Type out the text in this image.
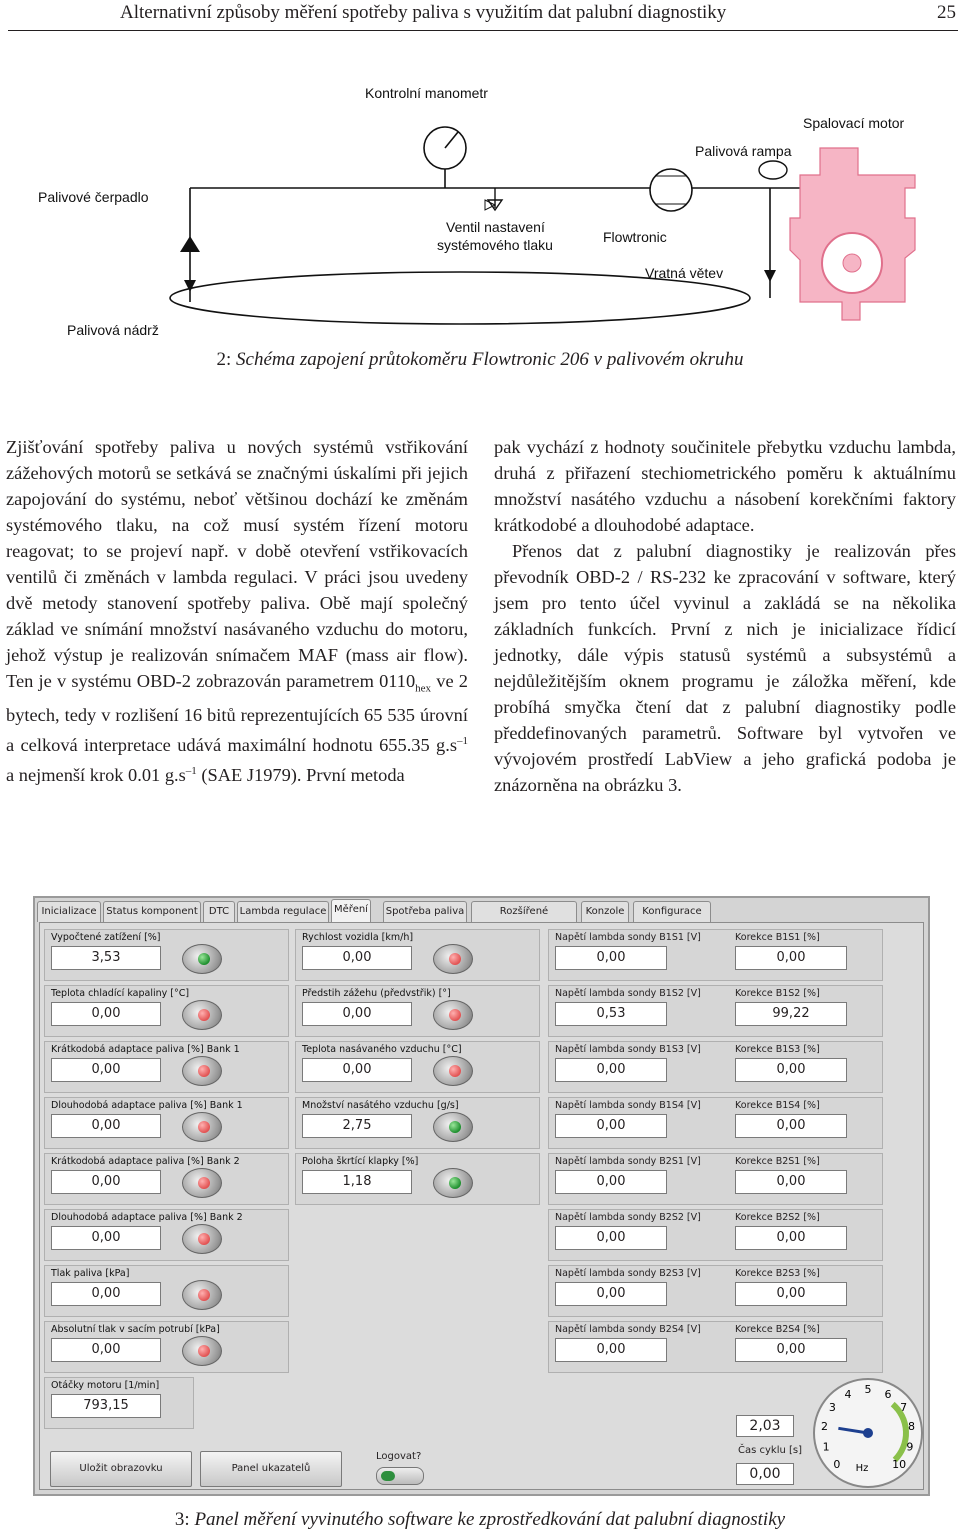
Alternativní způsoby měření spotřeby paliva s využitím dat palubní diagnostiky	25
Kontrolní manometr
Spalovací motor
Palivová rampa
Palivové čerpadlo
Ventil nastavení
systémového tlaku	Flowtronic
Vratná větev
Palivová nádrž
2: Schéma zapojení průtokoměru Flowtronic 206 v palivovém okruhu

Zjišťování spotřeby paliva u nových systémů vstřikování zážehových motorů se setkává se značnými úskalími při jejich zapojování do systému, neboť většinou dochází ke změnám systémového tlaku, na což musí systém řízení motoru reagovat; to se projeví např. v době otevření vstřikovacích ventilů či změnách v lambda regulaci. V práci jsou uvedeny dvě metody stanovení spotřeby paliva. Obě mají společný základ ve snímání množství nasávaného vzduchu do motoru, jehož výstup je realizován snímačem MAF (mass air flow). Ten je v systému OBD-2 zobrazován parametrem $0110_{hex}$ ve 2 bytech, tedy v rozlišení 16 bitů reprezentujících 65 535 úrovní a celková interpretace udává maximální hodnotu 655.35 $g.s^{-1}$ a nejmenší krok 0.01 $g.s^{-1}$ (SAE J1979). První metoda

pak vychází z hodnoty součinitele přebytku vzduchu lambda, druhá z přiřazení stechiometrického poměru k aktuálnímu množství nasátého vzduchu a násobení korekčními faktory krátkodobé a dlouhodobé adaptace.

Přenos dat z palubní diagnostiky je realizován přes převodník OBD-2 / RS-232 ke zpracování v software, který jsem pro tento účel vyvinul a zakládá se na několika základních funkcích. První z nich je inicializace řídicí jednotky, dále výpis statusů systémů a subsystémů a nejdůležitějším oknem programu je záložka měření, kde probíhá smyčka čtení dat z palubní diagnostiky podle předdefinovaných parametrů. Software byl vytvořen ve vývojovém prostředí LabView a jeho grafická podoba je znázorněna na obrázku 3.

Inicializace Status komponent	DTC	Lambda regulace Měření	Spotřeba paliva	Rozšířené	Konzole	Konfigurace
Vypočtené zatížení [%]
3,53
Teplota chladící kapaliny [°C]
0,00
Krátkodobá adaptace paliva [%] Bank 1
0,00
Dlouhodobá adaptace paliva [%] Bank 1
0,00
Krátkodobá adaptace paliva [%] Bank 2
0,00
Dlouhodobá adaptace paliva [%] Bank 2
0,00
Tlak paliva [kPa]
0,00
Absolutní tlak v sacím potrubí [kPa]
0,00
Otáčky motoru [1/min]
793,15
Rychlost vozidla [km/h]
0,00
Předstih zážehu (předvstřik) [°]
0,00
Teplota nasávaného vzduchu [°C]
0,00
Množství nasátého vzduchu [g/s]
2,75
Poloha škrtící klapky [%]
1,18
Napětí lambda sondy B1S1 [V]	Korekce B1S1 [%]
0,00	0,00
Napětí lambda sondy B1S2 [V]	Korekce B1S2 [%]
0,53	99,22
Napětí lambda sondy B1S3 [V]	Korekce B1S3 [%]
0,00	0,00
Napětí lambda sondy B1S4 [V]	Korekce B1S4 [%]
0,00	0,00
Napětí lambda sondy B2S1 [V]	Korekce B2S1 [%]
0,00	0,00
Napětí lambda sondy B2S2 [V]	Korekce B2S2 [%]
0,00	0,00
Napětí lambda sondy B2S3 [V]	Korekce B2S3 [%]
0,00	0,00
Napětí lambda sondy B2S4 [V]	Korekce B2S4 [%]
0,00	0,00
Uložit obrazovku	Panel ukazatelů
Logovat?
2,03
Čas cyklu [s]
0,00
0
1
2
3
4 5 6
7
8
9
10
Hz
3: Panel měření vyvinutého software ke zprostředkování dat palubní diagnostiky
